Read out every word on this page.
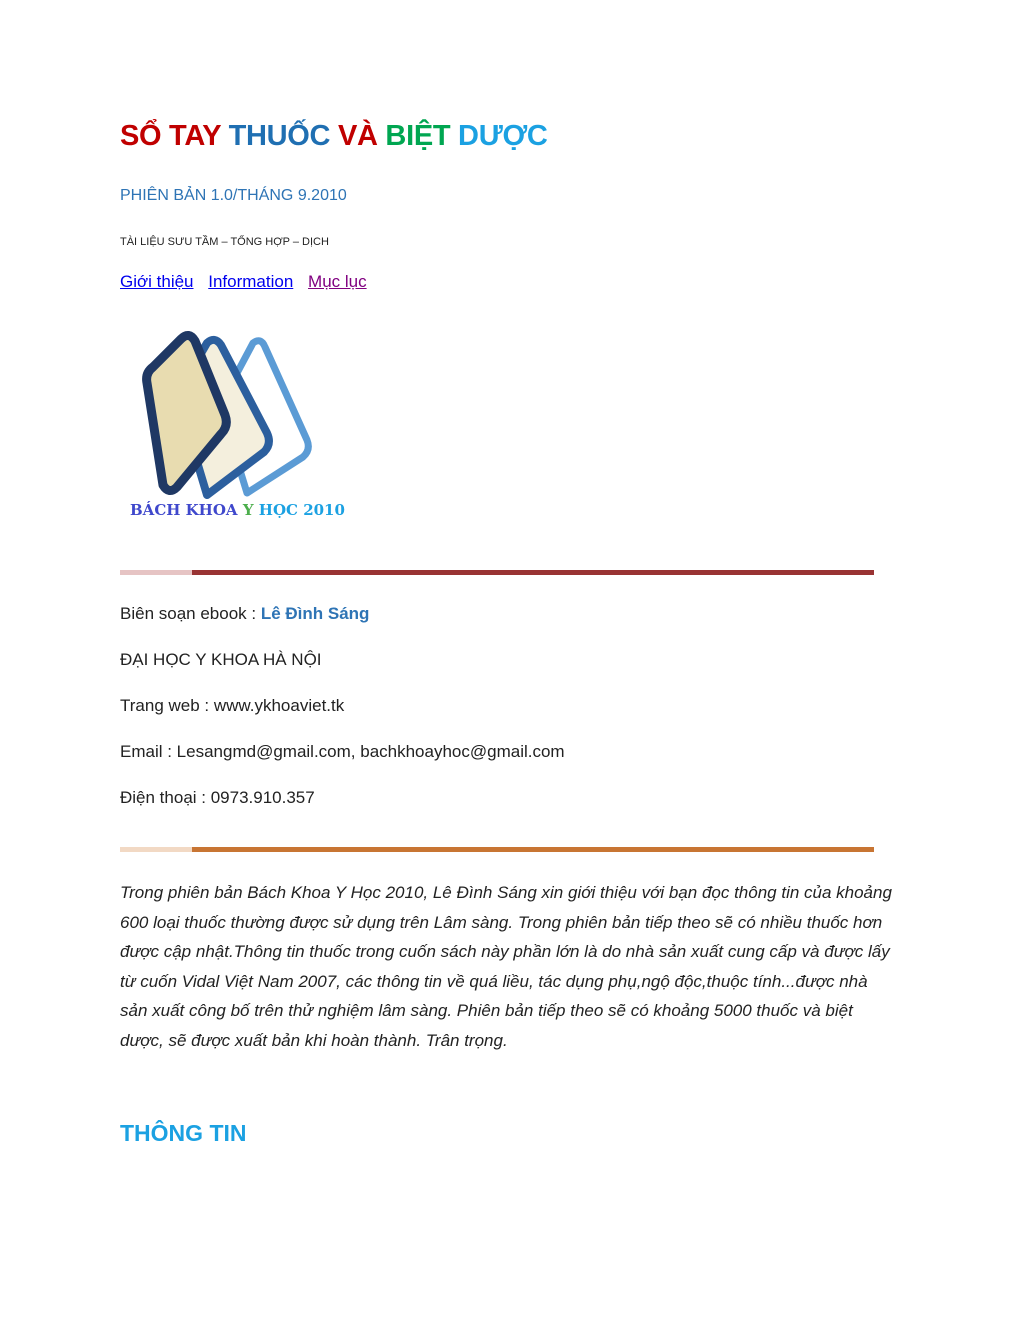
SỔ TAY THUỐC VÀ BIỆT DƯỢC
PHIÊN BẢN 1.0/THÁNG 9.2010
TÀI LIỆU SƯU TẦM – TỔNG HỢP – DỊCH
Giới thiệu Information Mục lục
BÁCH KHOA Y HỌC 2010
Biên soạn ebook : Lê Đình Sáng
ĐẠI HỌC Y KHOA HÀ NỘI
Trang web : www.ykhoaviet.tk
Email : Lesangmd@gmail.com, bachkhoayhoc@gmail.com
Điện thoại : 0973.910.357

Trong phiên bản Bách Khoa Y Học 2010, Lê Đình Sáng xin giới thiệu với bạn đọc thông tin của khoảng 600 loại thuốc thường được sử dụng trên Lâm sàng. Trong phiên bản tiếp theo sẽ có nhiều thuốc hơn được cập nhật.Thông tin thuốc trong cuốn sách này phần lớn là do nhà sản xuất cung cấp và được lấy từ cuốn Vidal Việt Nam 2007, các thông tin về quá liều, tác dụng phụ,ngộ độc,thuộc tính...được nhà sản xuất công bố trên thử nghiệm lâm sàng. Phiên bản tiếp theo sẽ có khoảng 5000 thuốc và biệt dược, sẽ được xuất bản khi hoàn thành. Trân trọng.

THÔNG TIN
